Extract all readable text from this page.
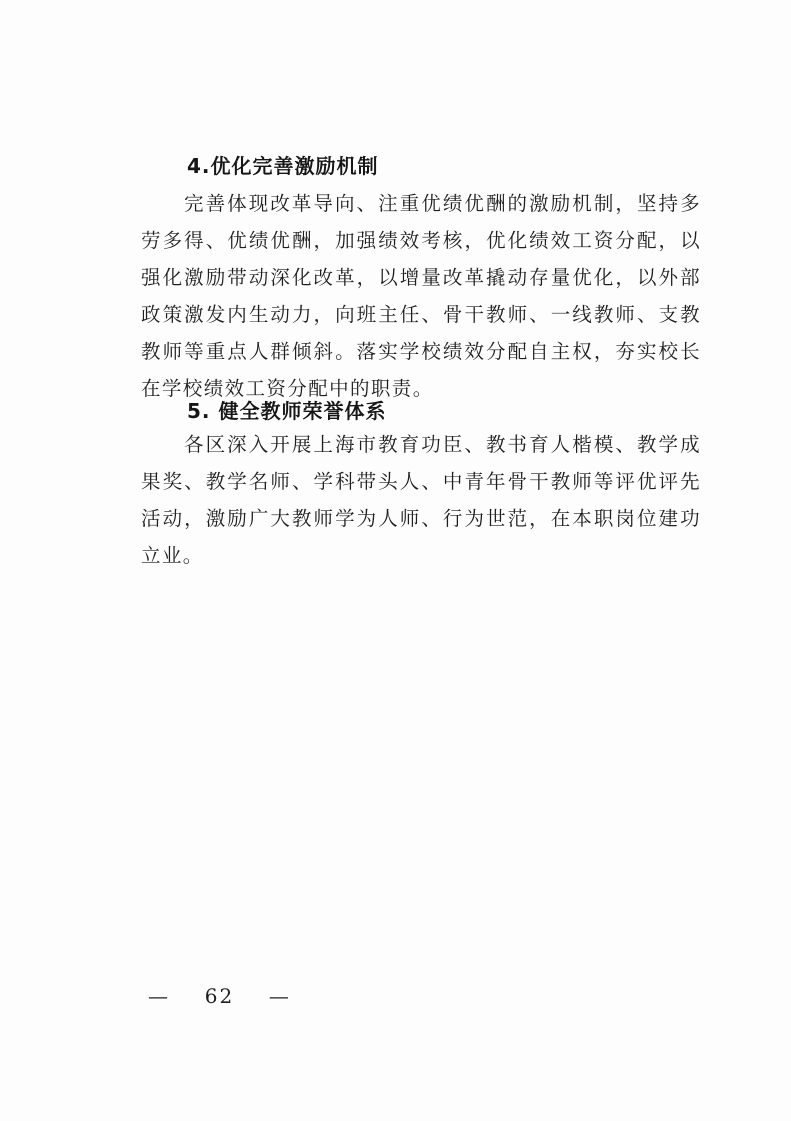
4.优化完善激励机制

完善体现改革导向、注重优绩优酬的激励机制，坚持多劳多得、优绩优酬，加强绩效考核，优化绩效工资分配，以强化激励带动深化改革，以增量改革撬动存量优化，以外部政策激发内生动力，向班主任、骨干教师、一线教师、支教教师等重点人群倾斜。落实学校绩效分配自主权，夯实校长在学校绩效工资分配中的职责。

5. 健全教师荣誉体系

各区深入开展上海市教育功臣、教书育人楷模、教学成果奖、教学名师、学科带头人、中青年骨干教师等评优评先活动，激励广大教师学为人师、行为世范，在本职岗位建功立业。

— 62 —
